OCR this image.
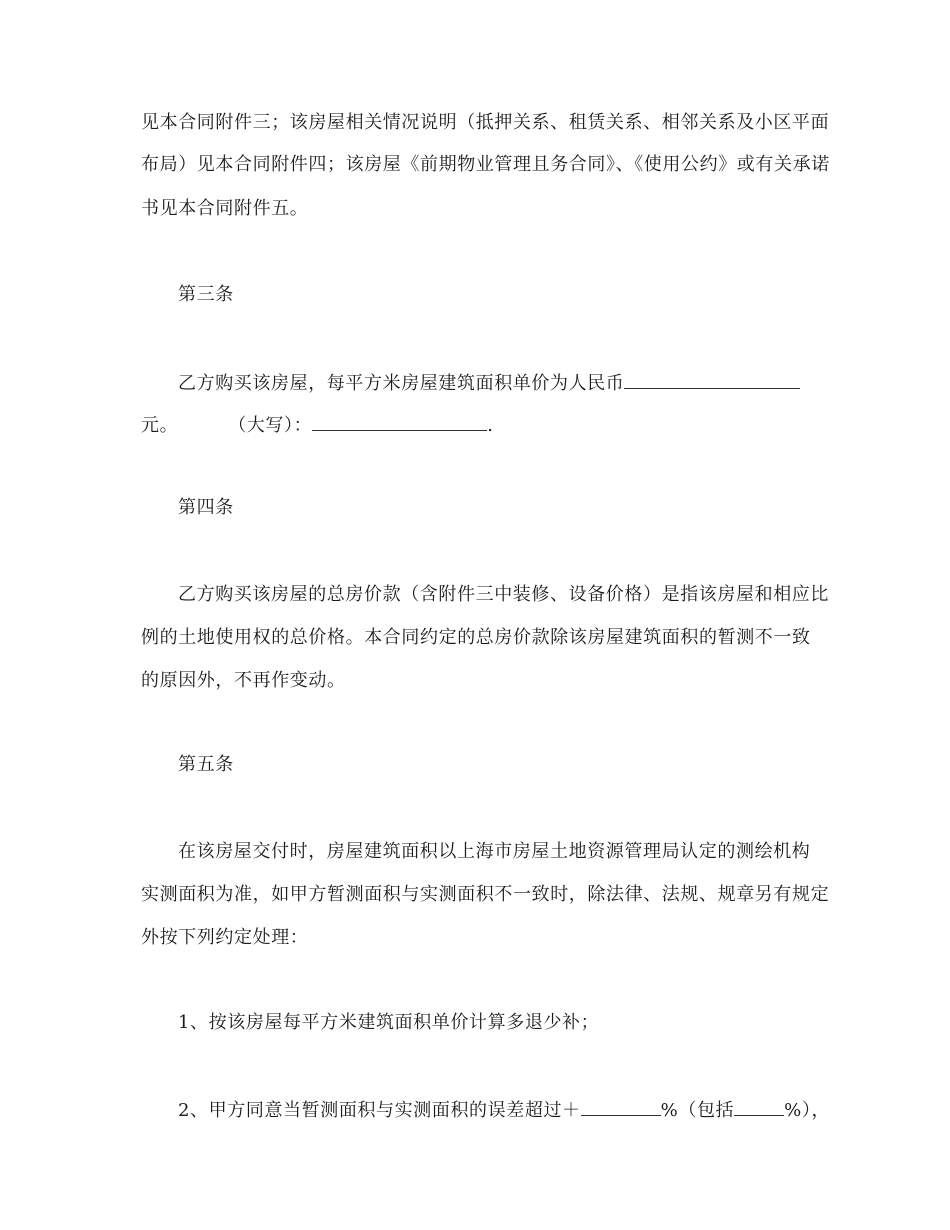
见本合同附件三；该房屋相关情况说明（抵押关系、租赁关系、相邻关系及小区平面
布局）见本合同附件四；该房屋《前期物业管理且务合同》、《使用公约》或有关承诺
书见本合同附件五。
第三条
乙方购买该房屋，每平方米房屋建筑面积单价为人民币
元。	（大写）：	.
第四条
乙方购买该房屋的总房价款（含附件三中装修、设备价格）是指该房屋和相应比
例的土地使用权的总价格。本合同约定的总房价款除该房屋建筑面积的暂测不一致
的原因外，不再作变动。
第五条
在该房屋交付时，房屋建筑面积以上海市房屋土地资源管理局认定的测绘机构
实测面积为准，如甲方暂测面积与实测面积不一致时，除法律、法规、规章另有规定
外按下列约定处理：
1、按该房屋每平方米建筑面积单价计算多退少补；
2、甲方同意当暂测面积与实测面积的误差超过＋	%（包括	%），
